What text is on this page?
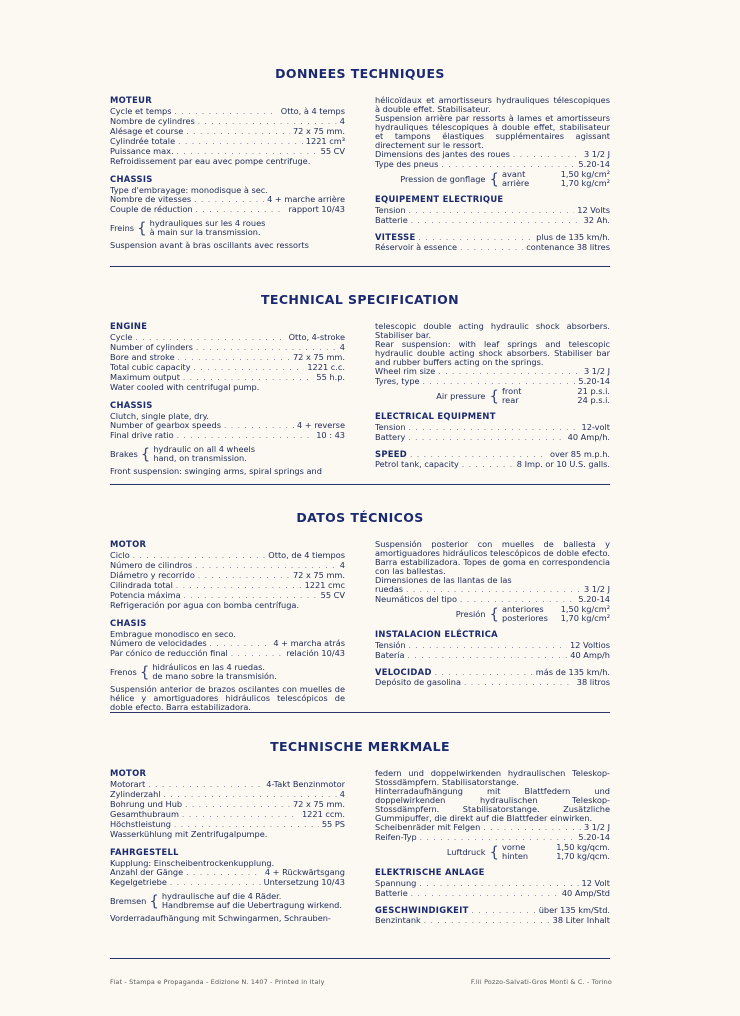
DONNEES TECHNIQUES
MOTEUR
Cycle et temps . . .	Otto, à 4 temps
Nombre de cylindres . . .	4
Alésage et course . . .	72 x 75 mm.
Cylindrée totale . . .	1221 cm³
Puissance max. . . .	55 CV
Refroidissement par eau avec pompe centrifuge.
CHASSIS
Type d'embrayage: monodisque à sec.
Nombre de vitesses . . .	4 + marche arrière
Couple de réduction . . .	rapport 10/43
Freins { hydrauliques sur les 4 roues
à main sur la transmission.
Suspension avant à bras oscillants avec ressorts
hélicoïdaux et amortisseurs hydrauliques télescopiques à double effet. Stabilisateur.
Suspension arrière par ressorts à lames et amortisseurs hydrauliques télescopiques à double effet, stabilisateur et tampons élastiques supplémentaires agissant directement sur le ressort.
Dimensions des jantes des roues . . .	3 1/2 J
Type des pneus . . .	5.20-14
Pression de gonflage { avant	1,50 kg/cm²
arrière	1,70 kg/cm²
EQUIPEMENT ELECTRIQUE
Tension . . .	12 Volts
Batterie . . .	32 Ah.
VITESSE . . .	plus de 135 km/h.
Réservoir à essence . . .	contenance 38 litres
TECHNICAL SPECIFICATION
ENGINE
Cycle . . .	Otto, 4-stroke
Number of cylinders . . .	4
Bore and stroke . . .	72 x 75 mm.
Total cubic capacity . . .	1221 c.c.
Maximum output . . .	55 h.p.
Water cooled with centrifugal pump.
CHASSIS
Clutch, single plate, dry.
Number of gearbox speeds . . .	4 + reverse
Final drive ratio . . .	10 : 43
Brakes { hydraulic on all 4 wheels
hand, on transmission.
Front suspension: swinging arms, spiral springs and
telescopic double acting hydraulic shock absorbers. Stabiliser bar.
Rear suspension: with leaf springs and telescopic hydraulic double acting shock absorbers. Stabiliser bar and rubber buffers acting on the springs.
Wheel rim size . . .	3 1/2 J
Tyres, type . . .	5.20-14
Air pressure { front	21 p.s.i.
rear	24 p.s.i.
ELECTRICAL EQUIPMENT
Tension . . .	12-volt
Battery . . .	40 Amp/h.
SPEED . . .	over 85 m.p.h.
Petrol tank, capacity . . .	8 Imp. or 10 U.S. galls.
DATOS TÉCNICOS
MOTOR
Ciclo . . .	Otto, de 4 tiempos
Número de cilindros . . .	4
Diámetro y recorrido . . .	72 x 75 mm.
Cilindrada total . . .	1221 cmc
Potencia máxima . . .	55 CV
Refrigeración por agua con bomba centrífuga.
CHASIS
Embrague monodisco en seco.
Número de velocidades . . .	4 + marcha atrás
Par cónico de reducción final . . .	relación 10/43
Frenos { hidráulicos en las 4 ruedas.
de mano sobre la transmisión.
Suspensión anterior de brazos oscilantes con muelles de hélice y amortiguadores hidráulicos telescópicos de doble efecto. Barra estabilizadora.
Suspensión posterior con muelles de ballesta y amortiguadores hidráulicos telescópicos de doble efecto. Barra estabilizadora. Topes de goma en correspondencia con las ballestas.
Dimensiones de las llantas de las
ruedas . . .	3 1/2 J
Neumáticos del tipo . . .	5.20-14
Presión { anteriores 1,50 kg/cm²
posteriores 1,70 kg/cm²
INSTALACION ELÉCTRICA
Tensión . . .	12 Voltios
Batería . . .	40 Amp/h
VELOCIDAD . . .	más de 135 km/h.
Depósito de gasolina . . .	38 litros
TECHNISCHE MERKMALE
MOTOR
Motorart . . .	4-Takt Benzinmotor
Zylinderzahl . . .	4
Bohrung und Hub . . .	72 x 75 mm.
Gesamthubraum . . .	1221 ccm.
Höchstleistung . . .	55 PS
Wasserkühlung mit Zentrifugalpumpe.
FAHRGESTELL
Kupplung: Einscheibentrockenkupplung.
Anzahl der Gänge . . .	4 + Rückwärtsgang
Kegelgetriebe . . .	Untersetzung 10/43
Bremsen { hydraulische auf die 4 Räder.
Handbremse auf die Uebertragung wirkend.
Vorderradaufhängung mit Schwingarmen, Schrauben-
federn und doppelwirkenden hydraulischen Teleskop-Stossdämpfern. Stabilisatorstange.
Hinterradaufhängung mit Blattfedern und doppelwirkenden hydraulischen Teleskop-Stossdämpfern. Stabilisatorstange. Zusätzliche Gummipuffer, die direkt auf die Blattfeder einwirken.
Scheibenräder mit Felgen . . .	3 1/2 J
Reifen-Typ . . .	5.20-14
Luftdruck { vorne	1,50 kg/qcm.
hinten	1,70 kg/qcm.
ELEKTRISCHE ANLAGE
Spannung . . .	12 Volt
Batterie . . .	40 Amp/Std
GESCHWINDIGKEIT . . .	über 135 km/Std.
Benzintank . . .	38 Liter Inhalt
Fiat - Stampa e Propaganda - Edizione N. 1407 - Printed in Italy	F.lli Pozzo-Salvati-Gros Monti & C. - Torino
